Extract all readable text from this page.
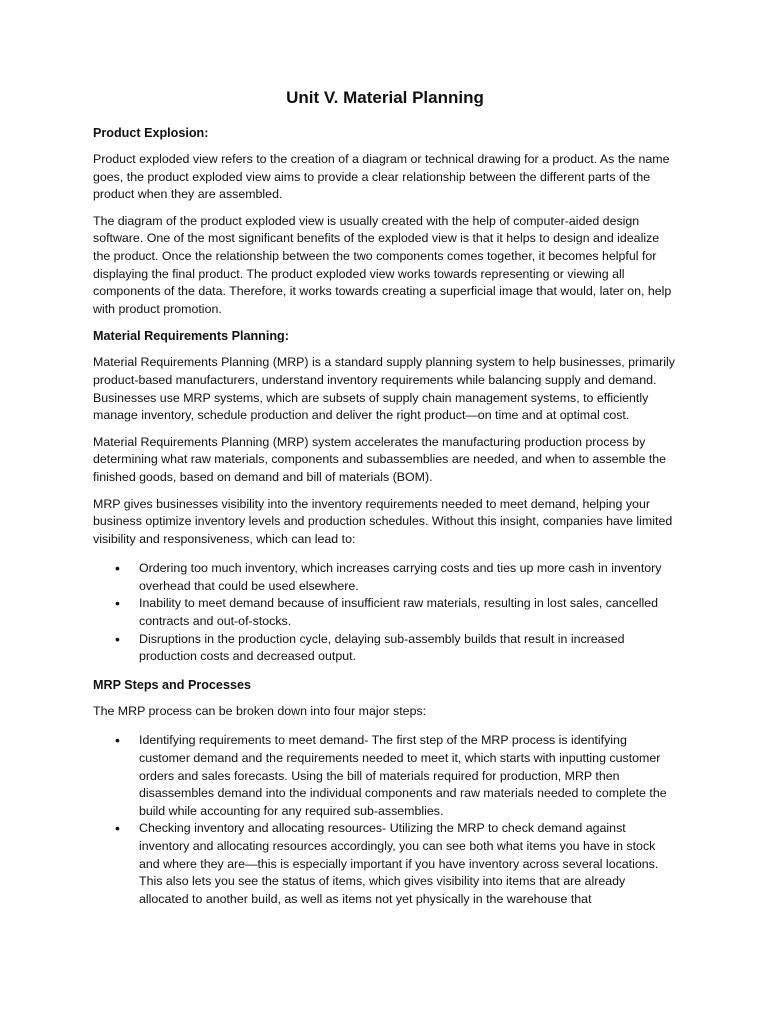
Unit V. Material Planning
Product Explosion:

Product exploded view refers to the creation of a diagram or technical drawing for a product. As the name goes, the product exploded view aims to provide a clear relationship between the different parts of the product when they are assembled.

The diagram of the product exploded view is usually created with the help of computer-aided design software. One of the most significant benefits of the exploded view is that it helps to design and idealize the product. Once the relationship between the two components comes together, it becomes helpful for displaying the final product. The product exploded view works towards representing or viewing all components of the data. Therefore, it works towards creating a superficial image that would, later on, help with product promotion.

Material Requirements Planning:

Material Requirements Planning (MRP) is a standard supply planning system to help businesses, primarily product-based manufacturers, understand inventory requirements while balancing supply and demand. Businesses use MRP systems, which are subsets of supply chain management systems, to efficiently manage inventory, schedule production and deliver the right product—on time and at optimal cost.

Material Requirements Planning (MRP) system accelerates the manufacturing production process by determining what raw materials, components and subassemblies are needed, and when to assemble the finished goods, based on demand and bill of materials (BOM).

MRP gives businesses visibility into the inventory requirements needed to meet demand, helping your business optimize inventory levels and production schedules. Without this insight, companies have limited visibility and responsiveness, which can lead to:

• Ordering too much inventory, which increases carrying costs and ties up more cash in inventory overhead that could be used elsewhere.
• Inability to meet demand because of insufficient raw materials, resulting in lost sales, cancelled contracts and out-of-stocks.
• Disruptions in the production cycle, delaying sub-assembly builds that result in increased production costs and decreased output.
MRP Steps and Processes

The MRP process can be broken down into four major steps:

• Identifying requirements to meet demand- The first step of the MRP process is identifying customer demand and the requirements needed to meet it, which starts with inputting customer orders and sales forecasts. Using the bill of materials required for production, MRP then disassembles demand into the individual components and raw materials needed to complete the build while accounting for any required sub-assemblies.
• Checking inventory and allocating resources- Utilizing the MRP to check demand against inventory and allocating resources accordingly, you can see both what items you have in stock and where they are—this is especially important if you have inventory across several locations. This also lets you see the status of items, which gives visibility into items that are already allocated to another build, as well as items not yet physically in the warehouse that
